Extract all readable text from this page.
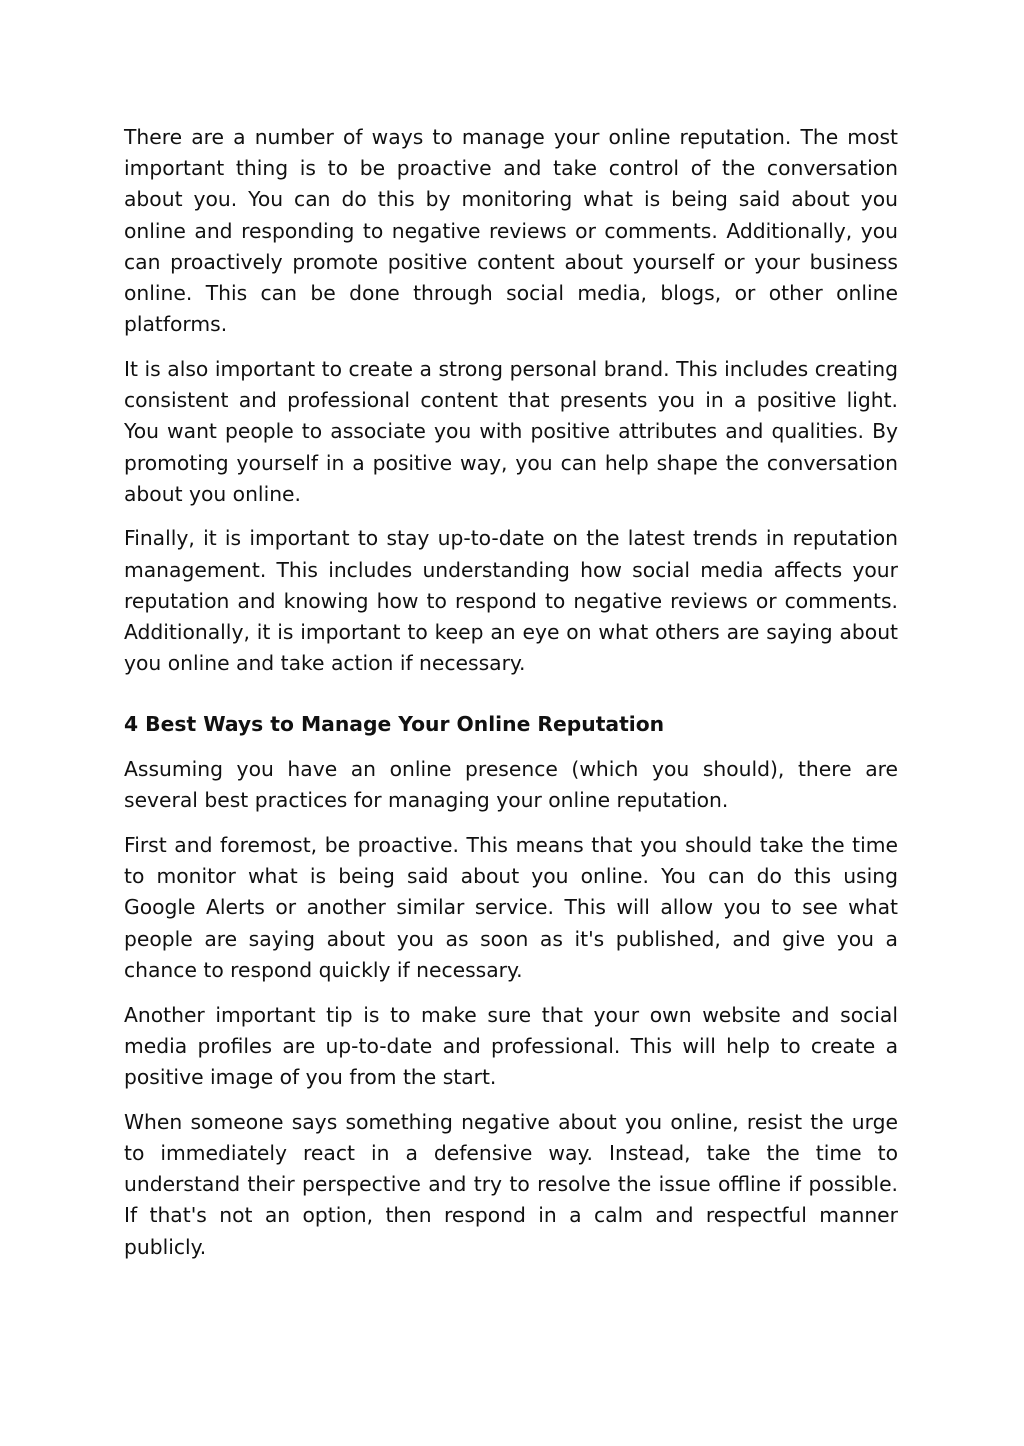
There are a number of ways to manage your online reputation. The most important thing is to be proactive and take control of the conversation about you. You can do this by monitoring what is being said about you online and responding to negative reviews or comments. Additionally, you can proactively promote positive content about yourself or your business online. This can be done through social media, blogs, or other online platforms.

It is also important to create a strong personal brand. This includes creating consistent and professional content that presents you in a positive light. You want people to associate you with positive attributes and qualities. By promoting yourself in a positive way, you can help shape the conversation about you online.

Finally, it is important to stay up-to-date on the latest trends in reputation management. This includes understanding how social media affects your reputation and knowing how to respond to negative reviews or comments. Additionally, it is important to keep an eye on what others are saying about you online and take action if necessary.

4 Best Ways to Manage Your Online Reputation

Assuming you have an online presence (which you should), there are several best practices for managing your online reputation.

First and foremost, be proactive. This means that you should take the time to monitor what is being said about you online. You can do this using Google Alerts or another similar service. This will allow you to see what people are saying about you as soon as it's published, and give you a chance to respond quickly if necessary.

Another important tip is to make sure that your own website and social media profiles are up-to-date and professional. This will help to create a positive image of you from the start.

When someone says something negative about you online, resist the urge to immediately react in a defensive way. Instead, take the time to understand their perspective and try to resolve the issue offline if possible. If that's not an option, then respond in a calm and respectful manner publicly.
